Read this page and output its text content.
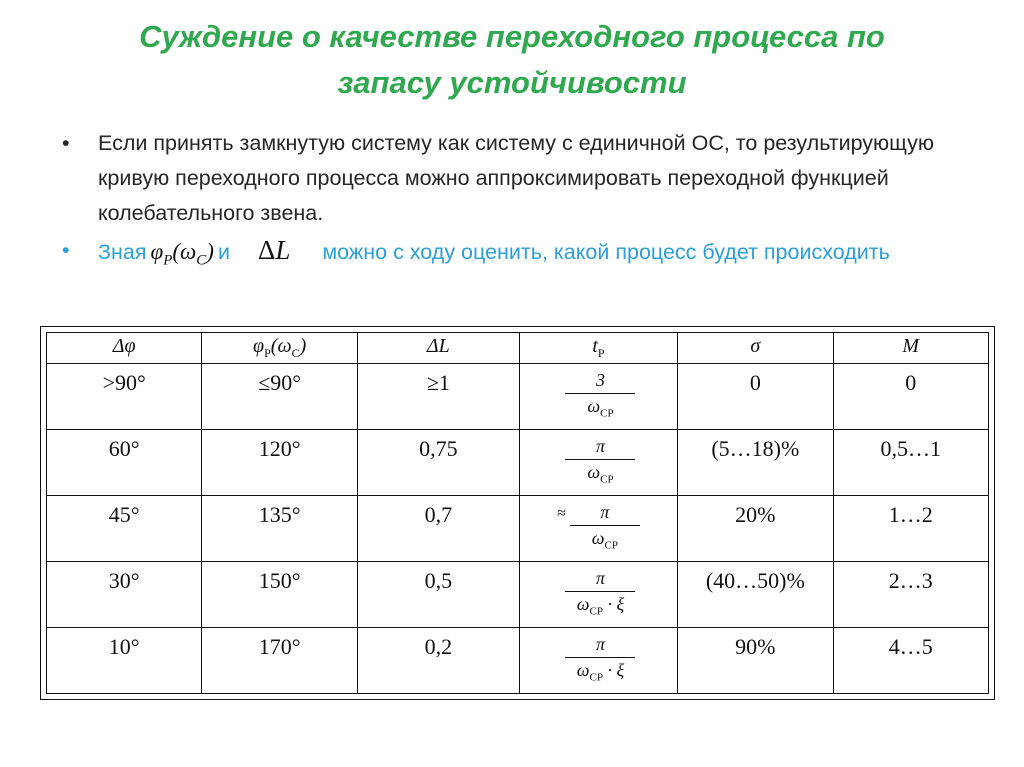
Суждение о качестве переходного процесса по
запасу устойчивости
• Если принять замкнутую систему как систему с единичной ОС, то результирующую кривую переходного процесса можно аппроксимировать переходной функцией колебательного звена.
• Зная $\varphi_P(\omega_C)$ и ΔL можно с ходу оценить, какой процесс будет происходить
Δφ	$\varphi_P(\omega_C)$	ΔL	$t_P$	σ	M
>90°	≤90°	≥1	$\frac{3}{\omega_{CP}}$	0	0
60°	120°	0,75	$\frac{\pi}{\omega_{CP}}$	(5…18)%	0,5…1
45°	135°	0,7	≈ $\frac{\pi}{\omega_{CP}}$	20%	1…2
30°	150°	0,5	$\frac{\pi}{\omega_{CP} \cdot \xi}$	(40…50)%	2…3
10°	170°	0,2	$\frac{\pi}{\omega_{CP} \cdot \xi}$	90%	4…5
